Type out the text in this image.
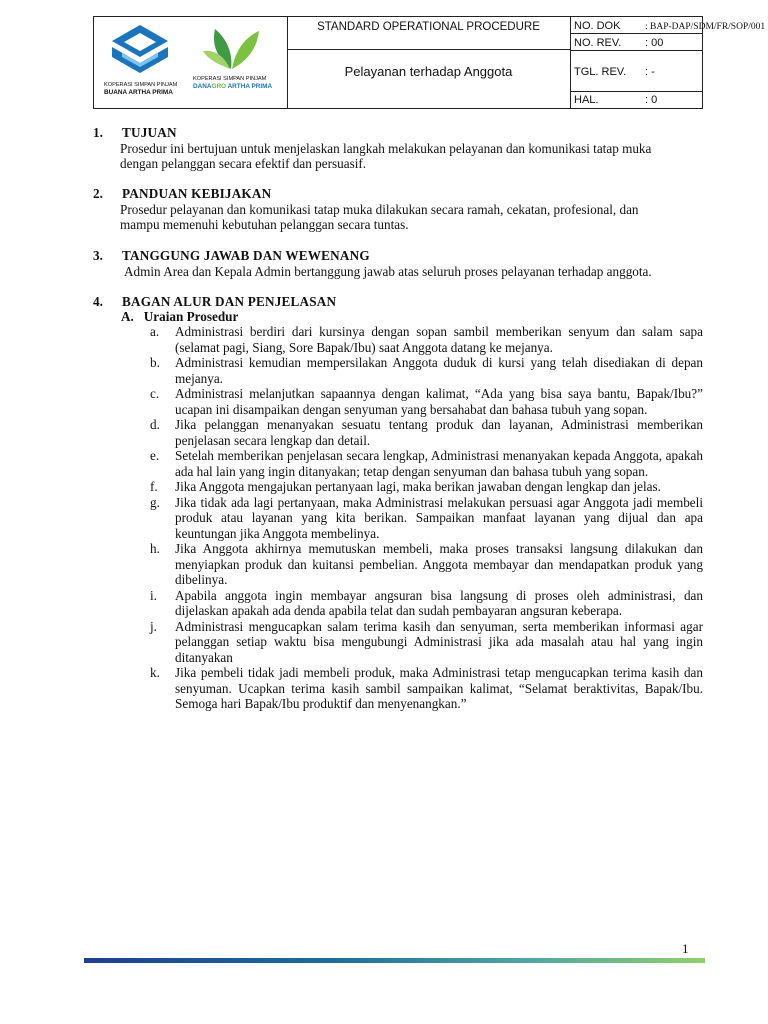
KOPERASI SIMPAN PINJAM
BUANA ARTHA PRIMA
KOPERASI SIMPAN PINJAM
DANAGRO ARTHA PRIMA
STANDARD OPERATIONAL PROCEDURE
Pelayanan terhadap Anggota
NO. DOK	: BAP-DAP/SDM/FR/SOP/001
NO. REV. : 00
TGL. REV. : -
HAL.	: 0
1. TUJUAN
Prosedur ini bertujuan untuk menjelaskan langkah melakukan pelayanan dan komunikasi tatap muka
dengan pelanggan secara efektif dan persuasif.
2. PANDUAN KEBIJAKAN
Prosedur pelayanan dan komunikasi tatap muka dilakukan secara ramah, cekatan, profesional, dan
mampu memenuhi kebutuhan pelanggan secara tuntas.
3. TANGGUNG JAWAB DAN WEWENANG
Admin Area dan Kepala Admin bertanggung jawab atas seluruh proses pelayanan terhadap anggota.
4. BAGAN ALUR DAN PENJELASAN
A. Uraian Prosedur
a. Administrasi berdiri dari kursinya dengan sopan sambil memberikan senyum dan salam sapa (selamat pagi, Siang, Sore Bapak/Ibu) saat Anggota datang ke mejanya.
b. Administrasi kemudian mempersilakan Anggota duduk di kursi yang telah disediakan di depan mejanya.
c. Administrasi melanjutkan sapaannya dengan kalimat, “Ada yang bisa saya bantu, Bapak/Ibu?” ucapan ini disampaikan dengan senyuman yang bersahabat dan bahasa tubuh yang sopan.
d. Jika pelanggan menanyakan sesuatu tentang produk dan layanan, Administrasi memberikan penjelasan secara lengkap dan detail.
e. Setelah memberikan penjelasan secara lengkap, Administrasi menanyakan kepada Anggota, apakah ada hal lain yang ingin ditanyakan; tetap dengan senyuman dan bahasa tubuh yang sopan.
f. Jika Anggota mengajukan pertanyaan lagi, maka berikan jawaban dengan lengkap dan jelas.
g. Jika tidak ada lagi pertanyaan, maka Administrasi melakukan persuasi agar Anggota jadi membeli produk atau layanan yang kita berikan. Sampaikan manfaat layanan yang dijual dan apa keuntungan jika Anggota membelinya.
h. Jika Anggota akhirnya memutuskan membeli, maka proses transaksi langsung dilakukan dan menyiapkan produk dan kuitansi pembelian. Anggota membayar dan mendapatkan produk yang dibelinya.
i. Apabila anggota ingin membayar angsuran bisa langsung di proses oleh administrasi, dan dijelaskan apakah ada denda apabila telat dan sudah pembayaran angsuran keberapa.
j. Administrasi mengucapkan salam terima kasih dan senyuman, serta memberikan informasi agar pelanggan setiap waktu bisa mengubungi Administrasi jika ada masalah atau hal yang ingin ditanyakan
k. Jika pembeli tidak jadi membeli produk, maka Administrasi tetap mengucapkan terima kasih dan senyuman. Ucapkan terima kasih sambil sampaikan kalimat, “Selamat beraktivitas, Bapak/Ibu. Semoga hari Bapak/Ibu produktif dan menyenangkan.”
1
